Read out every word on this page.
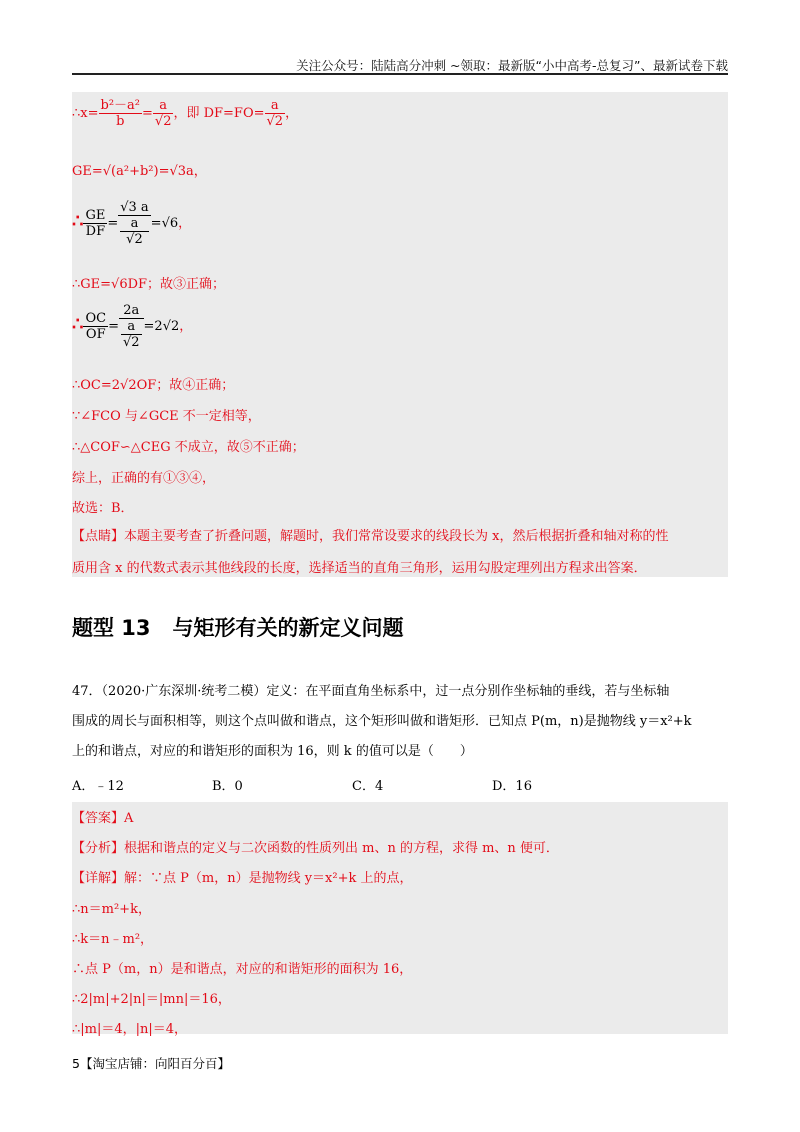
关注公众号：陆陆高分冲刺 ~领取：最新版“小中高考-总复习”、最新试卷下载
∴x= $\frac{\text{b²－a²}}{b} = \frac{a}{√2}$ ，即 $DF=FO= \frac{a}{√2}$ ，
GE=√(a²+b²)=√3a，
∴ $\frac{GE}{DF} = √3$ a
a
√2 =√6，
∴GE=√6DF；故③正确；
∴ $\frac{OC}{OF} = 2a$
a
√2 =2√2，
∴OC=2√2OF；故④正确；
∵∠FCO 与∠GCE 不一定相等，
∴△COF∽△CEG 不成立，故⑤不正确；
综上，正确的有①③④，
故选：B．
【点睛】本题主要考查了折叠问题，解题时，我们常常设要求的线段长为 x，然后根据折叠和轴对称的性
质用含 x 的代数式表示其他线段的长度，选择适当的直角三角形，运用勾股定理列出方程求出答案．
题型 13 与矩形有关的新定义问题
47．（2020·广东深圳·统考二模）定义：在平面直角坐标系中，过一点分别作坐标轴的垂线，若与坐标轴
围成的周长与面积相等，则这个点叫做和谐点，这个矩形叫做和谐矩形．已知点 P(m，n)是抛物线 y＝x²+k
上的和谐点，对应的和谐矩形的面积为 16，则 k 的值可以是（　　）
A．﹣12	B．0	C．4	D．16
【答案】A
【分析】根据和谐点的定义与二次函数的性质列出 m、n 的方程，求得 m、n 便可．
【详解】解：∵点 P（m，n）是抛物线 y＝x²+k 上的点，
∴n＝m²+k，
∴k＝n﹣m²，
∴点 P（m，n）是和谐点，对应的和谐矩形的面积为 16，
∴2|m|+2|n|＝|mn|＝16，
∴|m|＝4，|n|＝4，
5【淘宝店铺：向阳百分百】
